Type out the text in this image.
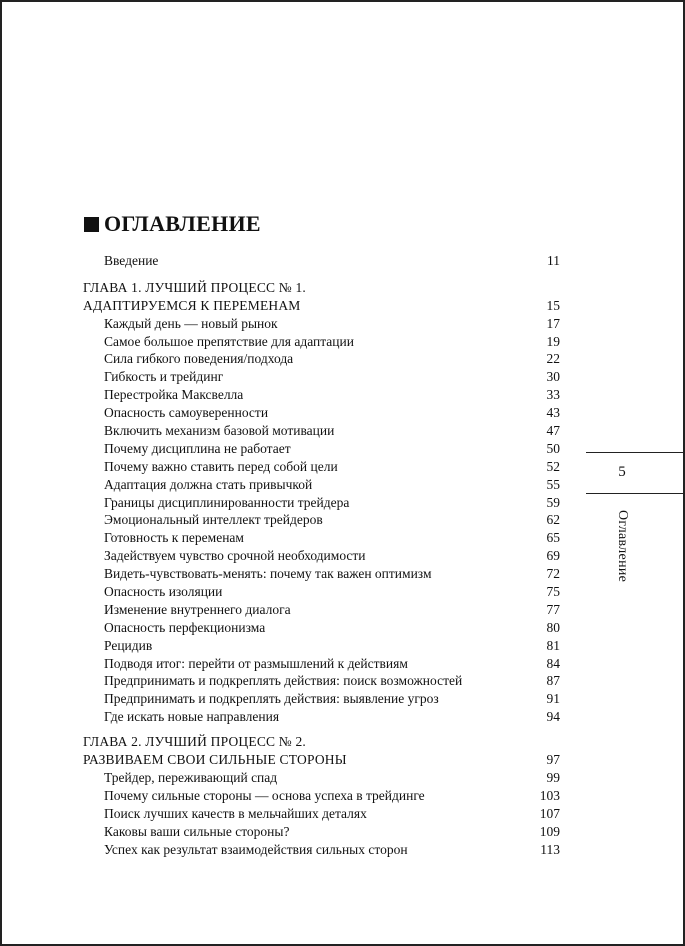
ОГЛАВЛЕНИЕ
Введение	11
ГЛАВА 1. ЛУЧШИЙ ПРОЦЕСС № 1.
АДАПТИРУЕМСЯ К ПЕРЕМЕНАМ	15
Каждый день — новый рынок	17
Самое большое препятствие для адаптации	19
Сила гибкого поведения/подхода	22
Гибкость и трейдинг	30
Перестройка Максвелла	33
Опасность самоуверенности	43
Включить механизм базовой мотивации	47
Почему дисциплина не работает	50
Почему важно ставить перед собой цели	52
Адаптация должна стать привычкой	55
Границы дисциплинированности трейдера	59
Эмоциональный интеллект трейдеров	62
Готовность к переменам	65
Задействуем чувство срочной необходимости	69
Видеть-чувствовать-менять: почему так важен оптимизм	72
Опасность изоляции	75
Изменение внутреннего диалога	77
Опасность перфекционизма	80
Рецидив	81
Подводя итог: перейти от размышлений к действиям	84
Предпринимать и подкреплять действия: поиск возможностей	87
Предпринимать и подкреплять действия: выявление угроз	91
Где искать новые направления	94
ГЛАВА 2. ЛУЧШИЙ ПРОЦЕСС № 2.
РАЗВИВАЕМ СВОИ СИЛЬНЫЕ СТОРОНЫ	97
Трейдер, переживающий спад	99
Почему сильные стороны — основа успеха в трейдинге	103
Поиск лучших качеств в мельчайших деталях	107
Каковы ваши сильные стороны?	109
Успех как результат взаимодействия сильных сторон	113
5
Оглавление
